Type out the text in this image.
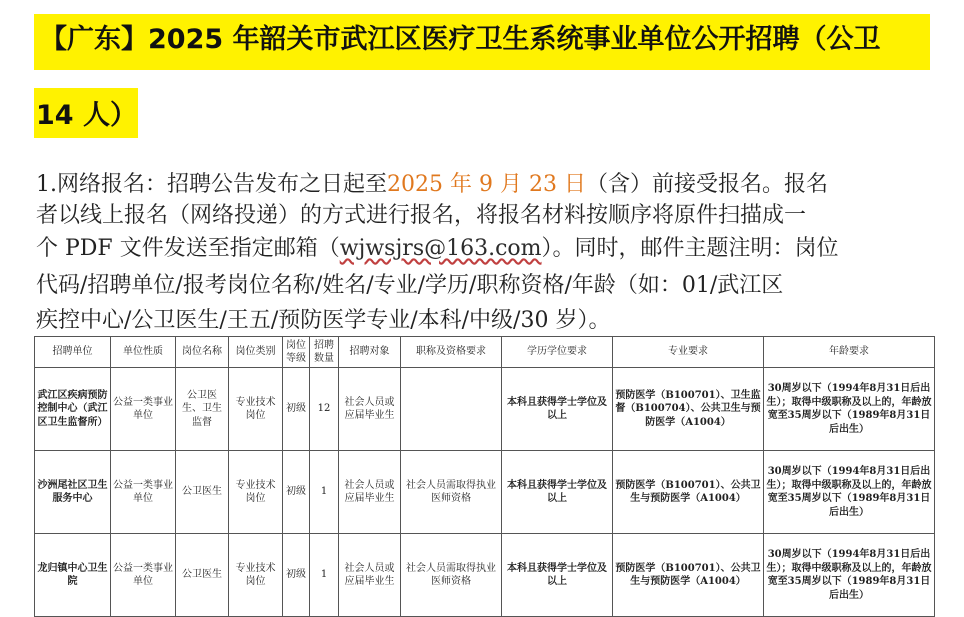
【广东】2025 年韶关市武江区医疗卫生系统事业单位公开招聘（公卫
14 人）
1.网络报名：招聘公告发布之日起至2025 年 9 月 23 日（含）前接受报名。报名
者以线上报名（网络投递）的方式进行报名，将报名材料按顺序将原件扫描成一
个 PDF 文件发送至指定邮箱（wjwsjrs@163.com）。同时，邮件主题注明：岗位
代码/招聘单位/报考岗位名称/姓名/专业/学历/职称资格/年龄（如：01/武江区
疾控中心/公卫医生/王五/预防医学专业/本科/中级/30 岁）。
招聘单位	单位性质	岗位名称	岗位类别	岗位等级	招聘数量	招聘对象	职称及资格要求	学历学位要求	专业要求	年龄要求
武江区疾病预防控制中心（武江区卫生监督所）	公益一类事业单位	公卫医生、卫生监督	专业技术岗位	初级	12	社会人员或应届毕业生		本科且获得学士学位及以上	预防医学（B100701）、卫生监督（B100704）、公共卫生与预防医学（A1004）	30周岁以下（1994年8月31日后出生）；取得中级职称及以上的，年龄放宽至35周岁以下（1989年8月31日后出生）
沙洲尾社区卫生服务中心	公益一类事业单位	公卫医生	专业技术岗位	初级	1	社会人员或应届毕业生	社会人员需取得执业医师资格	本科且获得学士学位及以上	预防医学（B100701）、公共卫生与预防医学（A1004）	30周岁以下（1994年8月31日后出生）；取得中级职称及以上的，年龄放宽至35周岁以下（1989年8月31日后出生）
龙归镇中心卫生院	公益一类事业单位	公卫医生	专业技术岗位	初级	1	社会人员或应届毕业生	社会人员需取得执业医师资格	本科且获得学士学位及以上	预防医学（B100701）、公共卫生与预防医学（A1004）	30周岁以下（1994年8月31日后出生）；取得中级职称及以上的，年龄放宽至35周岁以下（1989年8月31日后出生）
